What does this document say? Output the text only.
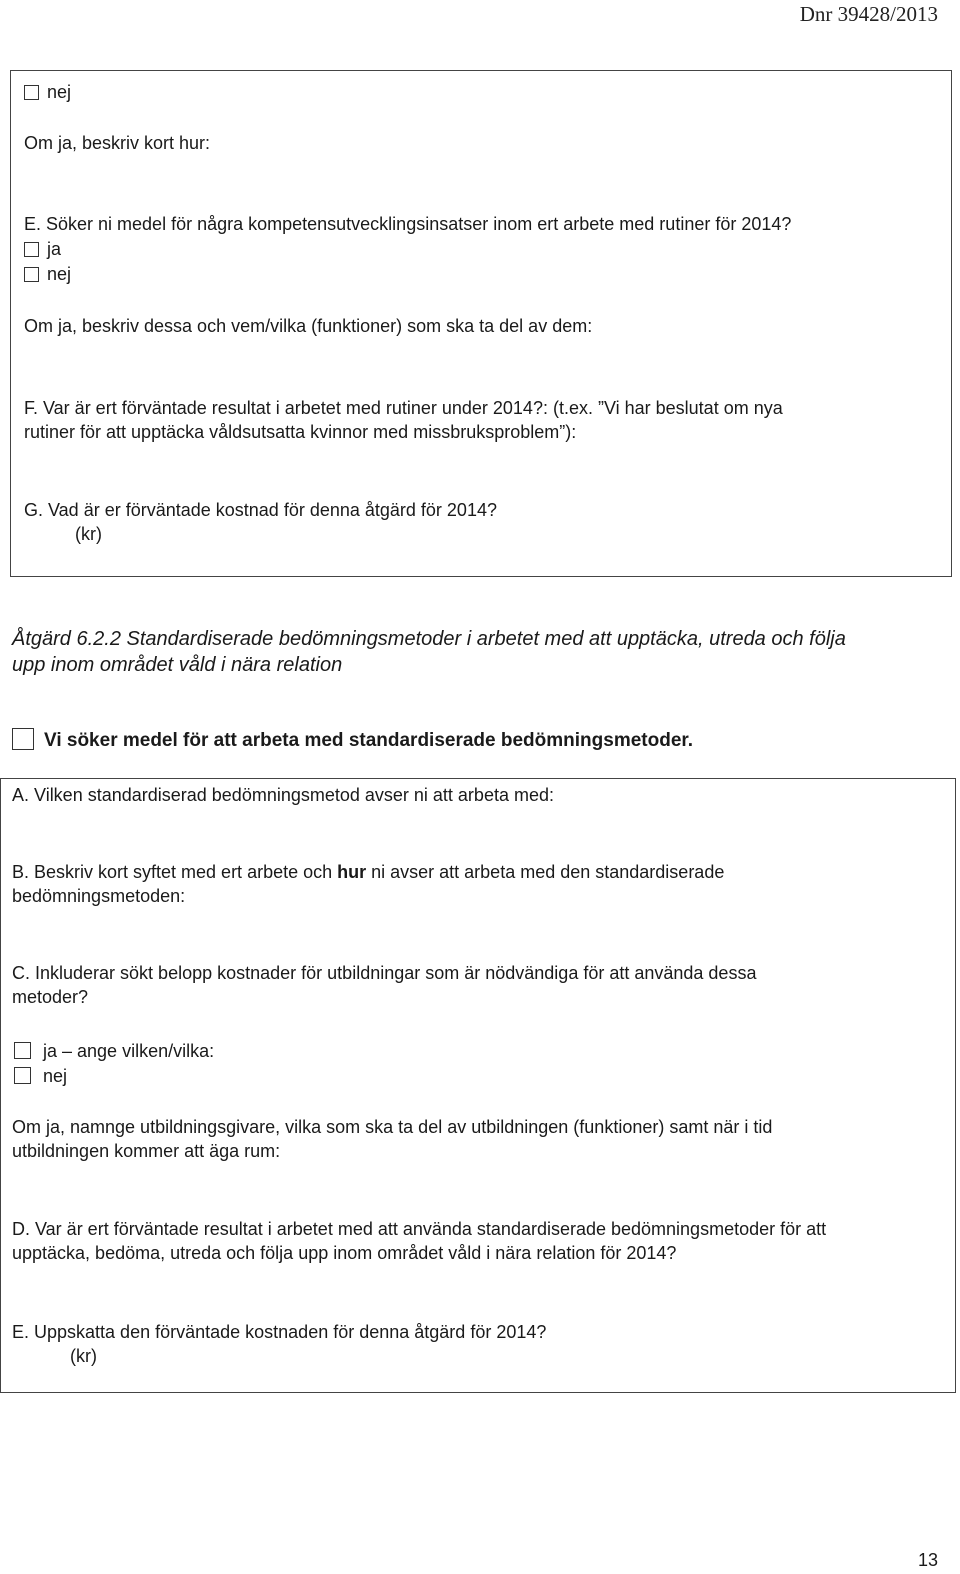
Dnr 39428/2013
nej
Om ja, beskriv kort hur:
E. Söker ni medel för några kompetensutvecklingsinsatser inom ert arbete med rutiner för 2014?
ja
nej
Om ja, beskriv dessa och vem/vilka (funktioner) som ska ta del av dem:
F. Var är ert förväntade resultat i arbetet med rutiner under 2014?: (t.ex. ”Vi har beslutat om nya
rutiner för att upptäcka våldsutsatta kvinnor med missbruksproblem”):
G. Vad är er förväntade kostnad för denna åtgärd för 2014?
(kr)
Åtgärd 6.2.2 Standardiserade bedömningsmetoder i arbetet med att upptäcka, utreda och följa
upp inom området våld i nära relation
Vi söker medel för att arbeta med standardiserade bedömningsmetoder.
A. Vilken standardiserad bedömningsmetod avser ni att arbeta med:
B. Beskriv kort syftet med ert arbete och hur ni avser att arbeta med den standardiserade
bedömningsmetoden:
C. Inkluderar sökt belopp kostnader för utbildningar som är nödvändiga för att använda dessa
metoder?
ja – ange vilken/vilka:
nej
Om ja, namnge utbildningsgivare, vilka som ska ta del av utbildningen (funktioner) samt när i tid
utbildningen kommer att äga rum:
D. Var är ert förväntade resultat i arbetet med att använda standardiserade bedömningsmetoder för att
upptäcka, bedöma, utreda och följa upp inom området våld i nära relation för 2014?
E. Uppskatta den förväntade kostnaden för denna åtgärd för 2014?
(kr)
13
